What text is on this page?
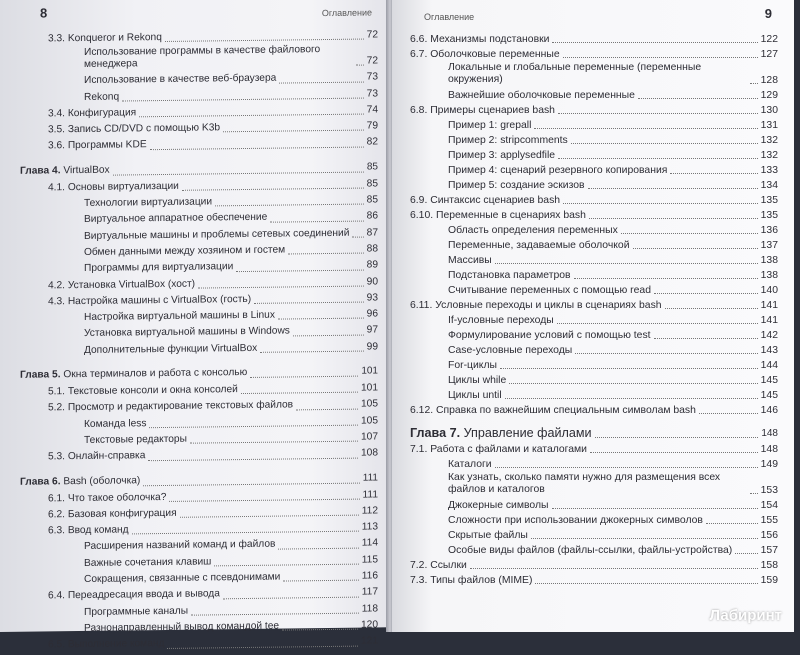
8	Оглавление
3.3. Konqueror и Rekonq	72
Использование программы в качестве файлового менеджера	72
Использование в качестве веб-браузера	73
Rekonq	73
3.4. Конфигурация	74
3.5. Запись CD/DVD с помощью K3b	79
3.6. Программы KDE	82
Глава 4. VirtualBox	85
4.1. Основы виртуализации	85
Технологии виртуализации	85
Виртуальное аппаратное обеспечение	86
Виртуальные машины и проблемы сетевых соединений 87
Обмен данными между хозяином и гостем	88
Программы для виртуализации	89
4.2. Установка VirtualBox (хост)	90
4.3. Настройка машины с VirtualBox (гость)	93
Настройка виртуальной машины в Linux	96
Установка виртуальной машины в Windows	97
Дополнительные функции VirtualBox	99
Глава 5. Окна терминалов и работа с консолью	101
5.1. Текстовые консоли и окна консолей	101
5.2. Просмотр и редактирование текстовых файлов	105
Команда less	105
Текстовые редакторы	107
5.3. Онлайн-справка	108
Глава 6. Bash (оболочка)	111
6.1. Что такое оболочка?	111
6.2. Базовая конфигурация	112
6.3. Ввод команд	113
Расширения названий команд и файлов	114
Важные сочетания клавиш	115
Сокращения, связанные с псевдонимами	116
6.4. Переадресация ввода и вывода	117
Программные каналы	118
Разнонаправленный вывод командой tee	120
6.5. Выполнение команд	121
Оглавление	9
6.6. Механизмы подстановки	122
6.7. Оболочковые переменные	127
Локальные и глобальные переменные (переменные окружения)	128
Важнейшие оболочковые переменные	129
6.8. Примеры сценариев bash	130
Пример 1: grepall	131
Пример 2: stripcomments	132
Пример 3: applysedfile	132
Пример 4: сценарий резервного копирования	133
Пример 5: создание эскизов	134
6.9. Синтаксис сценариев bash	135
6.10. Переменные в сценариях bash	135
Область определения переменных	136
Переменные, задаваемые оболочкой	137
Массивы	138
Подстановка параметров	138
Считывание переменных с помощью read	140
6.11. Условные переходы и циклы в сценариях bash	141
If-условные переходы	141
Формулирование условий с помощью test	142
Case-условные переходы	143
For-циклы	144
Циклы while	145
Циклы until	145
6.12. Справка по важнейшим специальным символам bash	146
Глава 7. Управление файлами	148
7.1. Работа с файлами и каталогами	148
Каталоги	149
Как узнать, сколько памяти нужно для размещения всех файлов и каталогов	153
Джокерные символы	154
Сложности при использовании джокерных символов	155
Скрытые файлы	156
Особые виды файлов (файлы-ссылки, файлы-устройства)	157
7.2. Ссылки	158
7.3. Типы файлов (MIME)	159
Лабиринт
